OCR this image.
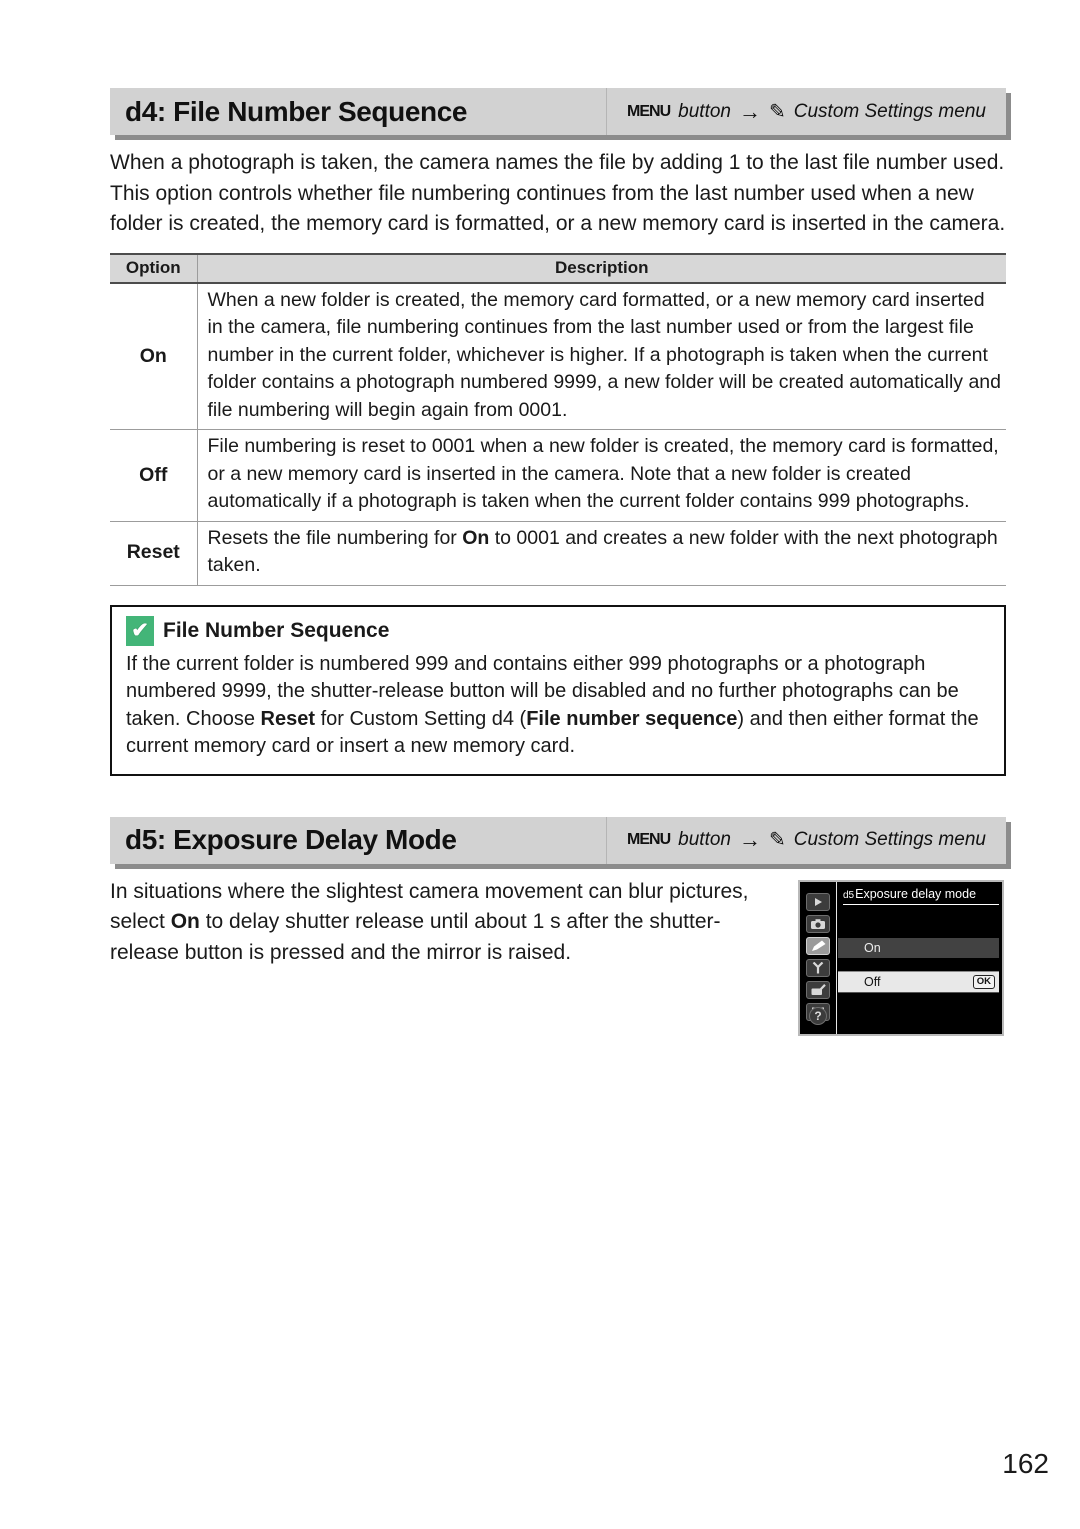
d4: File Number Sequence	MENU button → ✎ Custom Settings menu

When a photograph is taken, the camera names the file by adding 1 to the last file number used. This option controls whether file numbering continues from the last number used when a new folder is created, the memory card is formatted, or a new memory card is inserted in the camera.

Option	Description
On	When a new folder is created, the memory card formatted, or a new memory card inserted in the camera, file numbering continues from the last number used or from the largest file number in the current folder, whichever is higher. If a photograph is taken when the current folder contains a photograph numbered 9999, a new folder will be created automatically and file numbering will begin again from 0001.
Off	File numbering is reset to 0001 when a new folder is created, the memory card is formatted, or a new memory card is inserted in the camera. Note that a new folder is created automatically if a photograph is taken when the current folder contains 999 photographs.
Reset	Resets the file numbering for On to 0001 and creates a new folder with the next photograph taken.
✔ File Number Sequence

If the current folder is numbered 999 and contains either 999 photographs or a photograph numbered 9999, the shutter-release button will be disabled and no further photographs can be taken. Choose Reset for Custom Setting d4 (File number sequence) and then either format the current memory card or insert a new memory card.

d5: Exposure Delay Mode	MENU button → ✎ Custom Settings menu

In situations where the slightest camera movement can blur pictures, select On to delay shutter release until about 1 s after the shutter-release button is pressed and the mirror is raised.

?
d5 Exposure delay mode
On
Off	OK
162
